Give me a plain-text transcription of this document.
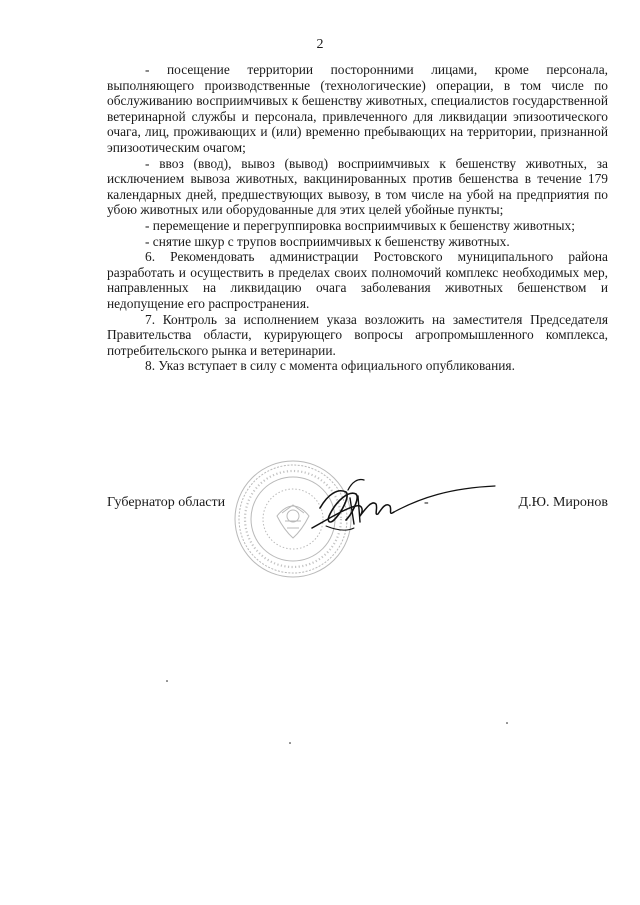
2

- посещение территории посторонними лицами, кроме персонала, выполняющего производственные (технологические) операции, в том числе по обслуживанию восприимчивых к бешенству животных, специалистов государственной ветеринарной службы и персонала, привлеченного для ликвидации эпизоотического очага, лиц, проживающих и (или) временно пребывающих на территории, признанной эпизоотическим очагом;

- ввоз (ввод), вывоз (вывод) восприимчивых к бешенству животных, за исключением вывоза животных, вакцинированных против бешенства в течение 179 календарных дней, предшествующих вывозу, в том числе на убой на предприятия по убою животных или оборудованные для этих целей убойные пункты;

- перемещение и перегруппировка восприимчивых к бешенству животных;

- снятие шкур с трупов восприимчивых к бешенству животных.

6. Рекомендовать администрации Ростовского муниципального района разработать и осуществить в пределах своих полномочий комплекс необходимых мер, направленных на ликвидацию очага заболевания животных бешенством и недопущение его распространения.

7. Контроль за исполнением указа возложить на заместителя Председателя Правительства области, курирующего вопросы агропромышленного комплекса, потребительского рынка и ветеринарии.

8. Указ вступает в силу с момента официального опубликования.

Губернатор области	-	Д.Ю. Миронов
